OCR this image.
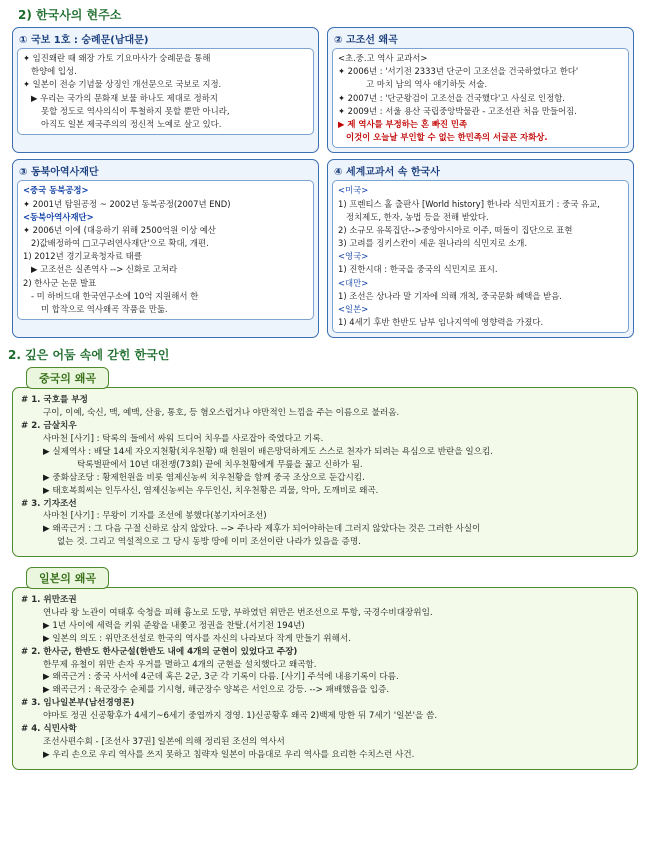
2) 한국사의 현주소
① 국보 1호 : 숭례문(남대문)
✦ 임진왜란 때 왜장 가토 기요마사가 숭례문을 통해
한양에 입성.
✦ 일본이 전승 기념물 상징인 개선문으로 국보로 지정.
▶ 우리는 국가의 문화재 보물 하나도 제대로 정하지
못할 정도로 역사의식이 투철하지 못할 뿐만 아니라,
아직도 일본 제국주의의 정신적 노예로 살고 있다.
② 고조선 왜곡
<초.중.고 역사 교과서>
✦ 2006년 : '서기전 2333년 단군이 고조선을 건국하였다고 한다'
고 마치 남의 역사 얘기하듯 서술.
✦ 2007년 : '단군왕검이 고조선을 건국했다'고 사실로 인정함.
✦ 2009년 : 서울 용산 국립중앙박물관 - 고조선관 처음 만들어짐.
▶ 제 역사를 부정하는 혼 빠진 민족
이것이 오늘날 부인할 수 없는 한민족의 서글픈 자화상.
③ 동북아역사재단
<중국 동북공정>
✦ 2001년 탐원공정 ~ 2002년 동북공정(2007년 END)
<동북아역사재단>
✦ 2006년 이에 (대응하기 위해 2500억원 이상 예산
2)값배정하여 □고구려연사재단'으로 확대, 개편.
1) 2012년 경기교육청자료 태클
▶ 고조선은 실존역사 --> 신화로 고쳐라
2) 한사군 논문 발표
- 미 하버드대 한국연구소에 10억 지원해서 한
미 합작으로 역사왜곡 작품을 만듦.
④ 세계교과서 속 한국사
<미국>
1) 프렌티스 홀 출판사 [World history] 한나라 식민지표기 : 중국 유교,
정치제도, 한자, 농법 등을 전해 받았다.
2) 소규모 유목집단-->중앙아시아로 이주, 떠돌이 집단으로 표현
3) 고려를 징키스칸이 세운 원나라의 식민지로 소개.
<영국>
1) 진한시대 : 한국을 중국의 식민지로 표시.
<대만>
1) 조선은 상나라 말 기자에 의해 개척, 중국문화 혜택을 받음.
<일본>
1) 4세기 후반 한반도 남부 임나지역에 영향력을 가졌다.
2. 깊은 어둠 속에 갇힌 한국인
중국의 왜곡
# 1. 국호를 부정
구이, 이예, 숙신, 맥, 예맥, 산융, 통호, 등 혐오스럽거나 야만적인 느낌을 주는 이름으로 불러옴.
# 2. 금살치우
사마천 [사기] : 탁록의 들에서 싸워 드디어 치우를 사로잡아 죽였다고 기록.
▶ 실제역사 : 배달 14세 자오지천황(치우천황) 때 헌원이 배은망덕하게도 스스로 천자가 되려는 욕심으로 반란을 일으킴.
탁록벌판에서 10년 대전쟁(73회) 끝에 치우천황에게 무릎을 꿇고 신하가 됨.
▶ 중화삼조당 : 황제헌원을 비롯 염제신농씨 치우천황을 함께 중국 조상으로 둔갑시킴.
▶ 태호복희씨는 인두사신, 염제신농씨는 우두인신, 치우천황은 괴물, 악마, 도깨비로 왜곡.
# 3. 기자조선
사마천 [사기] : 무왕이 기자를 조선에 봉했다(봉기자어조선)
▶ 왜곡근거 : 그 다음 구절 신하로 삼지 않았다. --> 주나라 제후가 되어야하는데 그러지 않았다는 것은 그러한 사실이
없는 것. 그리고 역설적으로 그 당시 동방 땅에 이미 조선이란 나라가 있음을 증명.
일본의 왜곡
# 1. 위만조권
연나라 왕 노관이 여태후 숙청을 피해 흉노로 도망, 부하였던 위만은 번조선으로 투항, 국경수비대장위임.
▶ 1년 사이에 세력을 키워 준왕을 내쫓고 정권을 찬탈.(서기전 194년)
▶ 일본의 의도 : 위만조선설로 한국의 역사를 자신의 나라보다 작게 만들기 위해서.
# 2. 한사군, 한반도 한사군설(한반도 내에 4개의 군현이 있었다고 주장)
한무제 유철이 위만 손자 우거를 멸하고 4개의 군현을 설치했다고 왜곡함.
▶ 왜곡근거 : 중국 사서에 4군데 혹은 2군, 3군 각 기록이 다름. [사기] 주석에 내용기록이 다름.
▶ 왜곡근거 : 육군장수 순체를 기시형, 해군장수 양복은 서인으로 강등. --> 패배했음을 입증.
# 3. 임나일본부(남선경영론)
야마토 정권 신공황후가 4세기~6세기 중엽까지 경영. 1)신공황후 왜곡 2)백제 망한 뒤 7세기 '일본'을 씀.
# 4. 식민사학
조선사편수회 - [조선사 37권] 일본에 의해 정리된 조선의 역사서
▶ 우리 손으로 우리 역사를 쓰지 못하고 침략자 일본이 마음대로 우리 역사를 요리한 수치스런 사건.
